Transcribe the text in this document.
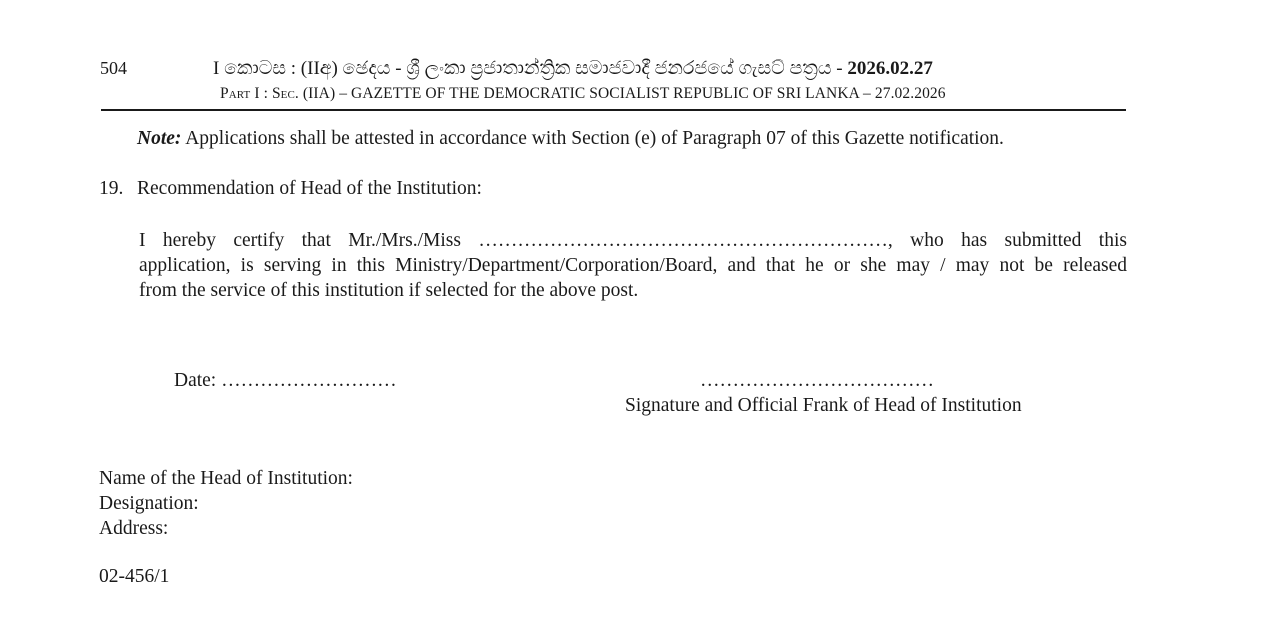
504	I කොටස : (IIඅ) ඡෙදය - ශ්‍රී ලංකා ප්‍රජාතාන්ත්‍රික සමාජවාදී ජනරජයේ ගැසට් පත්‍රය - 2026.02.27
Part I : Sec. (IIA) – GAZETTE OF THE DEMOCRATIC SOCIALIST REPUBLIC OF SRI LANKA – 27.02.2026
Note: Applications shall be attested in accordance with Section (e) of Paragraph 07 of this Gazette notification.
19. Recommendation of Head of the Institution:
I hereby certify that Mr./Mrs./Miss ………………………………………………………, who has submitted this
application, is serving in this Ministry/Department/Corporation/Board, and that he or she may / may not be released
from the service of this institution if selected for the above post.
Date: ………………………	………………………………
Signature and Official Frank of Head of Institution
Name of the Head of Institution:
Designation:
Address:
02-456/1
